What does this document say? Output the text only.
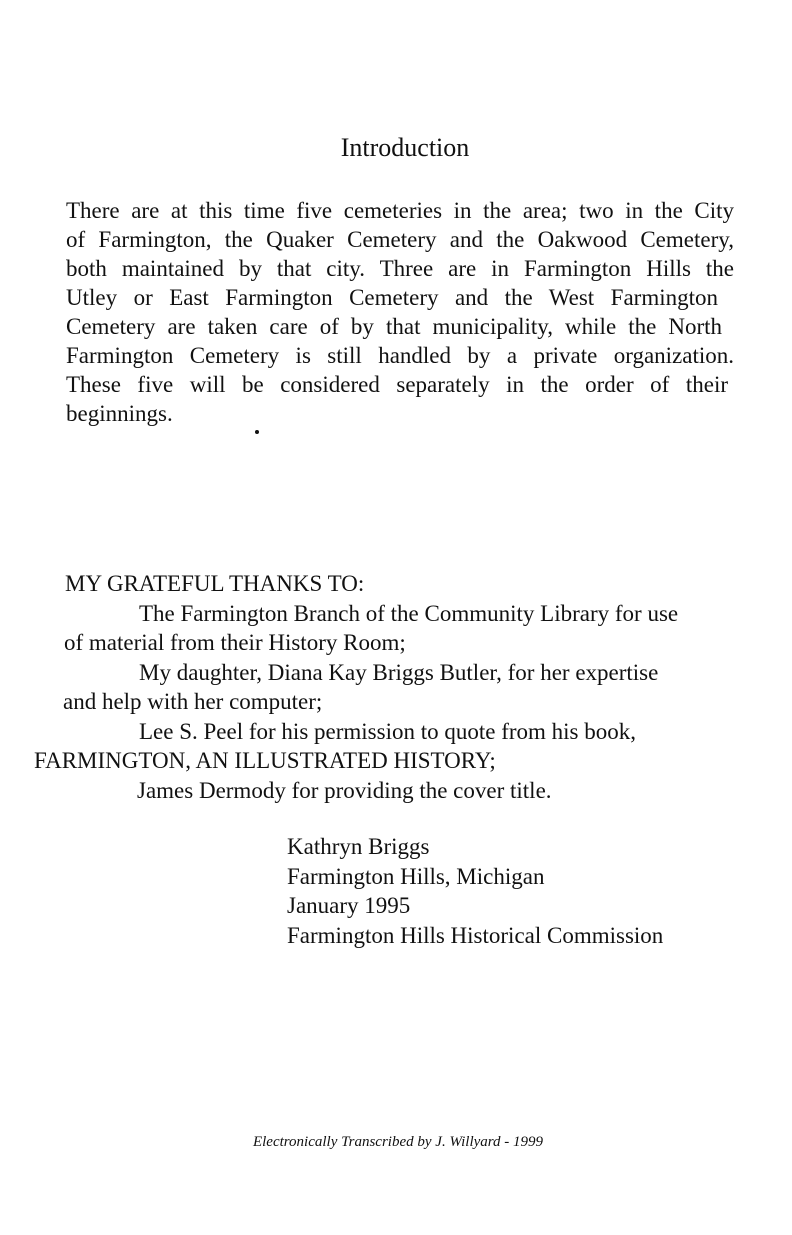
Introduction
There are at this time five cemeteries in the area; two in the City
of Farmington, the Quaker Cemetery and the Oakwood Cemetery,
both maintained by that city. Three are in Farmington Hills the
Utley or East Farmington Cemetery and the West Farmington
Cemetery are taken care of by that municipality, while the North
Farmington Cemetery is still handled by a private organization.
These five will be considered separately in the order of their
beginnings.
MY GRATEFUL THANKS TO:
The Farmington Branch of the Community Library for use
of material from their History Room;
My daughter, Diana Kay Briggs Butler, for her expertise
and help with her computer;
Lee S. Peel for his permission to quote from his book,
FARMINGTON, AN ILLUSTRATED HISTORY;
James Dermody for providing the cover title.
Kathryn Briggs
Farmington Hills, Michigan
January 1995
Farmington Hills Historical Commission
Electronically Transcribed by J. Willyard - 1999
